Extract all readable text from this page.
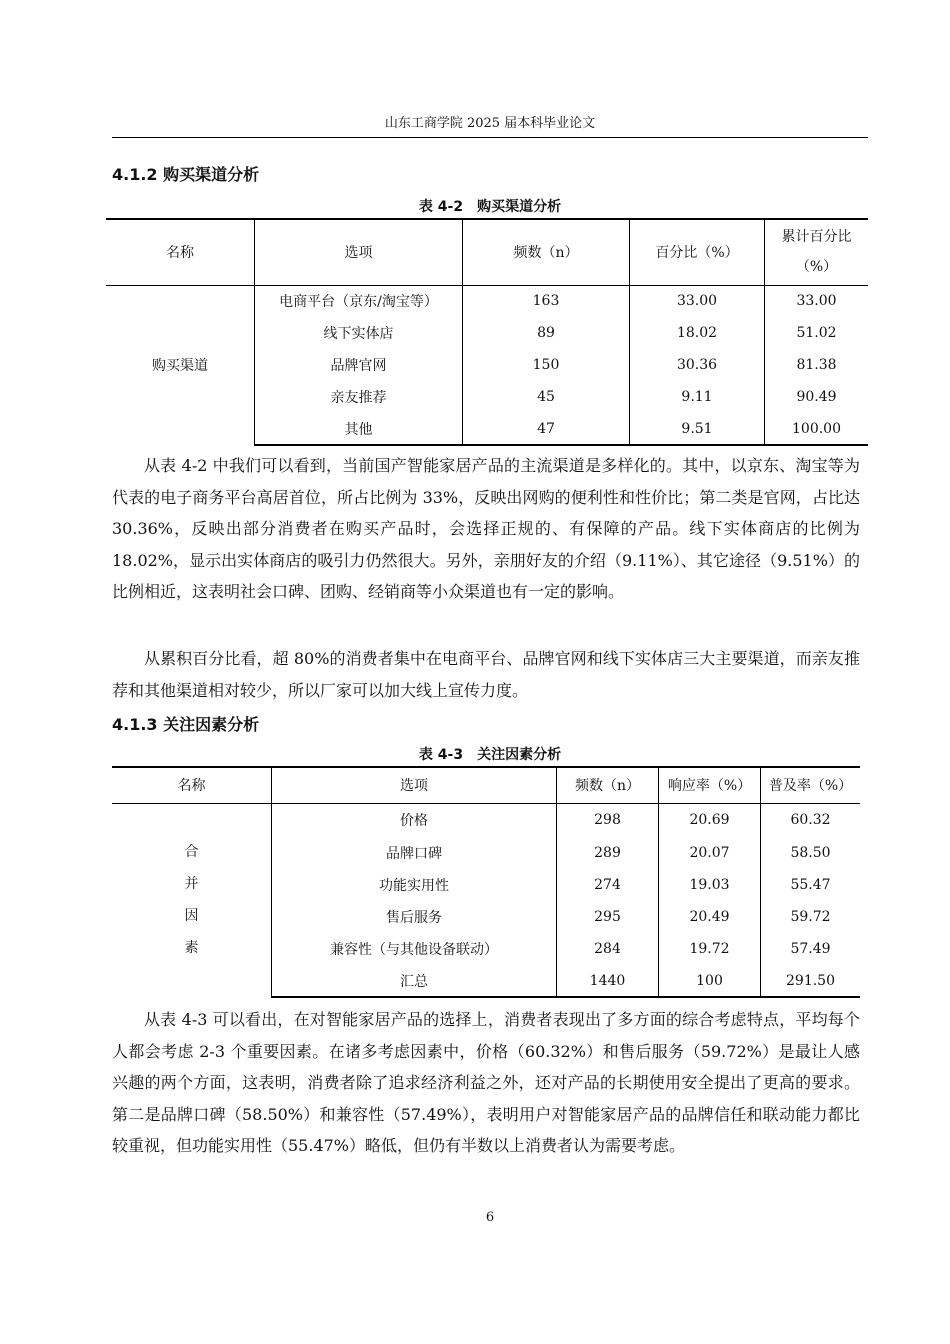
山东工商学院 2025 届本科毕业论文
4.1.2 购买渠道分析
表 4-2　购买渠道分析
名称	选项	频数（n）	百分比（%）	累计百分比
（%）
购买渠道	电商平台（京东/淘宝等）	163	33.00	33.00
	线下实体店	89	18.02	51.02
	品牌官网	150	30.36	81.38
	亲友推荐	45	9.11	90.49
	其他	47	9.51	100.00

从表 4-2 中我们可以看到，当前国产智能家居产品的主流渠道是多样化的。其中，以京东、淘宝等为代表的电子商务平台高居首位，所占比例为 33%，反映出网购的便利性和性价比；第二类是官网，占比达 30.36%，反映出部分消费者在购买产品时，会选择正规的、有保障的产品。线下实体商店的比例为 18.02%，显示出实体商店的吸引力仍然很大。另外，亲朋好友的介绍（9.11%）、其它途径（9.51%）的比例相近，这表明社会口碑、团购、经销商等小众渠道也有一定的影响。

从累积百分比看，超 80%的消费者集中在电商平台、品牌官网和线下实体店三大主要渠道，而亲友推荐和其他渠道相对较少，所以厂家可以加大线上宣传力度。

4.1.3 关注因素分析
表 4-3　关注因素分析
名称	选项	频数（n）	响应率（%）	普及率（%）

合
并
因
素	价格	298	20.69	60.32
	品牌口碑	289	20.07	58.50
	功能实用性	274	19.03	55.47
	售后服务	295	20.49	59.72
	兼容性（与其他设备联动）	284	19.72	57.49
	汇总	1440	100	291.50

从表 4-3 可以看出，在对智能家居产品的选择上，消费者表现出了多方面的综合考虑特点，平均每个人都会考虑 2-3 个重要因素。在诸多考虑因素中，价格（60.32%）和售后服务（59.72%）是最让人感兴趣的两个方面，这表明，消费者除了追求经济利益之外，还对产品的长期使用安全提出了更高的要求。第二是品牌口碑（58.50%）和兼容性（57.49%），表明用户对智能家居产品的品牌信任和联动能力都比较重视，但功能实用性（55.47%）略低，但仍有半数以上消费者认为需要考虑。

6
